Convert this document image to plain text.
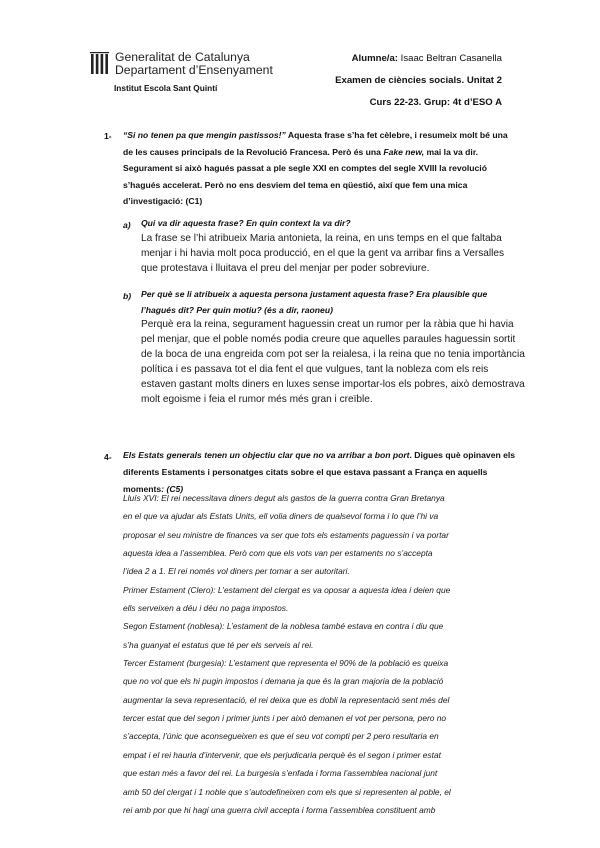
Generalitat de Catalunya
Departament d’Ensenyament
Institut Escola Sant Quintí
Alumne/a: Isaac Beltran Casanella
Examen de ciències socials. Unitat 2
Curs 22-23. Grup: 4t d’ESO A
1- “Si no tenen pa que mengin pastissos!” Aquesta frase s’ha fet cèlebre, i resumeix molt bé una de les causes principals de la Revolució Francesa. Però és una Fake new, mai la va dir. Segurament si això hagués passat a ple segle XXI en comptes del segle XVIII la revolució s’hagués accelerat. Però no ens desviem del tema en qüestió, així que fem una mica d’investigació: (C1)

a) Qui va dir aquesta frase? En quin context la va dir?

La frase se l’hi atribueix Maria antonieta, la reina, en uns temps en el que faltaba menjar i hi havia molt poca producció, en el que la gent va arribar fins a Versalles que protestava i lluitava el preu del menjar per poder sobreviure.

b) Per què se li atribueix a aquesta persona justament aquesta frase? Era plausible que l’hagués dit? Per quin motiu? (és a dir, raoneu)

Perquè era la reina, segurament haguessin creat un rumor per la ràbia que hi havia pel menjar, que el poble només podia creure que aquelles paraules haguessin sortit de la boca de una engreida com pot ser la reialesa, i la reina que no tenia importància política i es passava tot el dia fent el que vulgues, tant la nobleza com els reis estaven gastant molts diners en luxes sense importar-los els pobres, això demostrava molt egoisme i feia el rumor més més gran i creïble.

4- Els Estats generals tenen un objectiu clar que no va arribar a bon port. Digues què opinaven els diferents Estaments i personatges citats sobre el que estava passant a França en aquells moments: (C5)

Lluís XVI: El rei necessitava diners degut als gastos de la guerra contra Gran Bretanya
en el que va ajudar als Estats Units, ell volia diners de qualsevol forma i lo que l’hi va
proposar el seu ministre de finances va ser que tots els estaments paguessin i va portar
aquesta idea a l’assemblea. Però com que els vots van per estaments no s’accepta
l’idea 2 a 1. El rei només vol diners per tornar a ser autoritari.
Primer Estament (Clero): L’estament del clergat es va oposar a aquesta idea i deien que
ells serveixen a déu i déu no paga impostos.
Segon Estament (noblesa): L’estament de la noblesa també estava en contra i diu que
s’ha guanyat el estatus que té per els serveis al rei.
Tercer Estament (burgesia): L’estament que representa el 90% de la població es queixa
que no vol que els hi pugin impostos i demana ja que és la gran majoria de la població
augmentar la seva representació, el rei deixa que es dobli la representació sent més del
tercer estat que del segon i primer junts i per això demanen el vot per persona, pero no
s’accepta, l’únic que aconsegueixen es que el seu vot compti per 2 pero resultaria en
empat i el rei hauria d’intervenir, que els perjudicaria perquè és el segon i primer estat
que estan més a favor del rei. La burgesia s’enfada i forma l’assemblea nacional junt
amb 50 del clergat i 1 noble que s’autodefineixen com els que si representen al poble, el
rei amb por que hi hagi una guerra civil accepta i forma l’assemblea constituent amb
